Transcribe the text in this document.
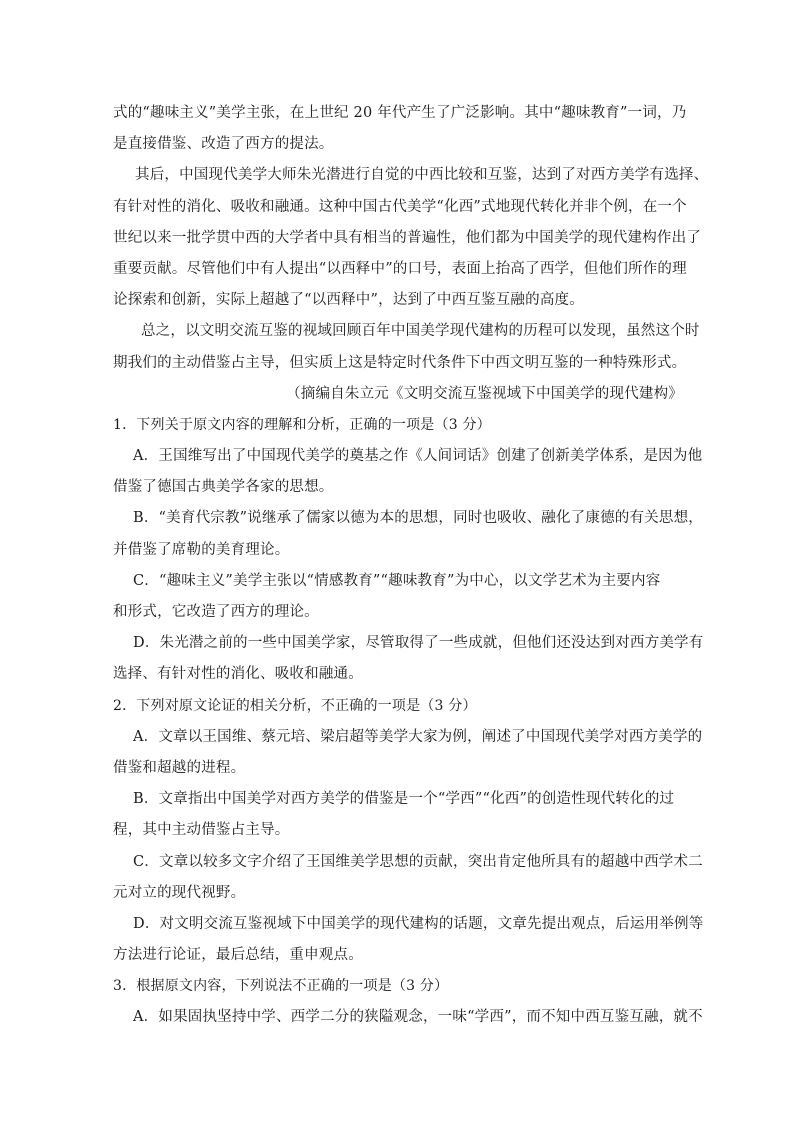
式的“趣味主义”美学主张，在上世纪 20 年代产生了广泛影响。其中“趣味教育”一词，乃
是直接借鉴、改造了西方的提法。
其后，中国现代美学大师朱光潜进行自觉的中西比较和互鉴，达到了对西方美学有选择、
有针对性的消化、吸收和融通。这种中国古代美学“化西”式地现代转化并非个例，在一个
世纪以来一批学贯中西的大学者中具有相当的普遍性，他们都为中国美学的现代建构作出了
重要贡献。尽管他们中有人提出“以西释中”的口号，表面上抬高了西学，但他们所作的理
论探索和创新，实际上超越了“以西释中”，达到了中西互鉴互融的高度。
总之，以文明交流互鉴的视域回顾百年中国美学现代建构的历程可以发现，虽然这个时
期我们的主动借鉴占主导，但实质上这是特定时代条件下中西文明互鉴的一种特殊形式。
（摘编自朱立元《文明交流互鉴视域下中国美学的现代建构》
1．下列关于原文内容的理解和分析，正确的一项是（3 分）
A．王国维写出了中国现代美学的奠基之作《人间词话》创建了创新美学体系，是因为他
借鉴了德国古典美学各家的思想。
B．“美育代宗教”说继承了儒家以德为本的思想，同时也吸收、融化了康德的有关思想，
并借鉴了席勒的美育理论。
C．“趣味主义”美学主张以“情感教育”“趣味教育”为中心，以文学艺术为主要内容
和形式，它改造了西方的理论。
D．朱光潜之前的一些中国美学家，尽管取得了一些成就，但他们还没达到对西方美学有
选择、有针对性的消化、吸收和融通。
2．下列对原文论证的相关分析，不正确的一项是（3 分）
A．文章以王国维、蔡元培、梁启超等美学大家为例，阐述了中国现代美学对西方美学的
借鉴和超越的进程。
B．文章指出中国美学对西方美学的借鉴是一个“学西”“化西”的创造性现代转化的过
程，其中主动借鉴占主导。
C．文章以较多文字介绍了王国维美学思想的贡献，突出肯定他所具有的超越中西学术二
元对立的现代视野。
D．对文明交流互鉴视域下中国美学的现代建构的话题，文章先提出观点，后运用举例等
方法进行论证，最后总结，重申观点。
3．根据原文内容，下列说法不正确的一项是（3 分）
A．如果固执坚持中学、西学二分的狭隘观念，一味“学西”，而不知中西互鉴互融，就不
